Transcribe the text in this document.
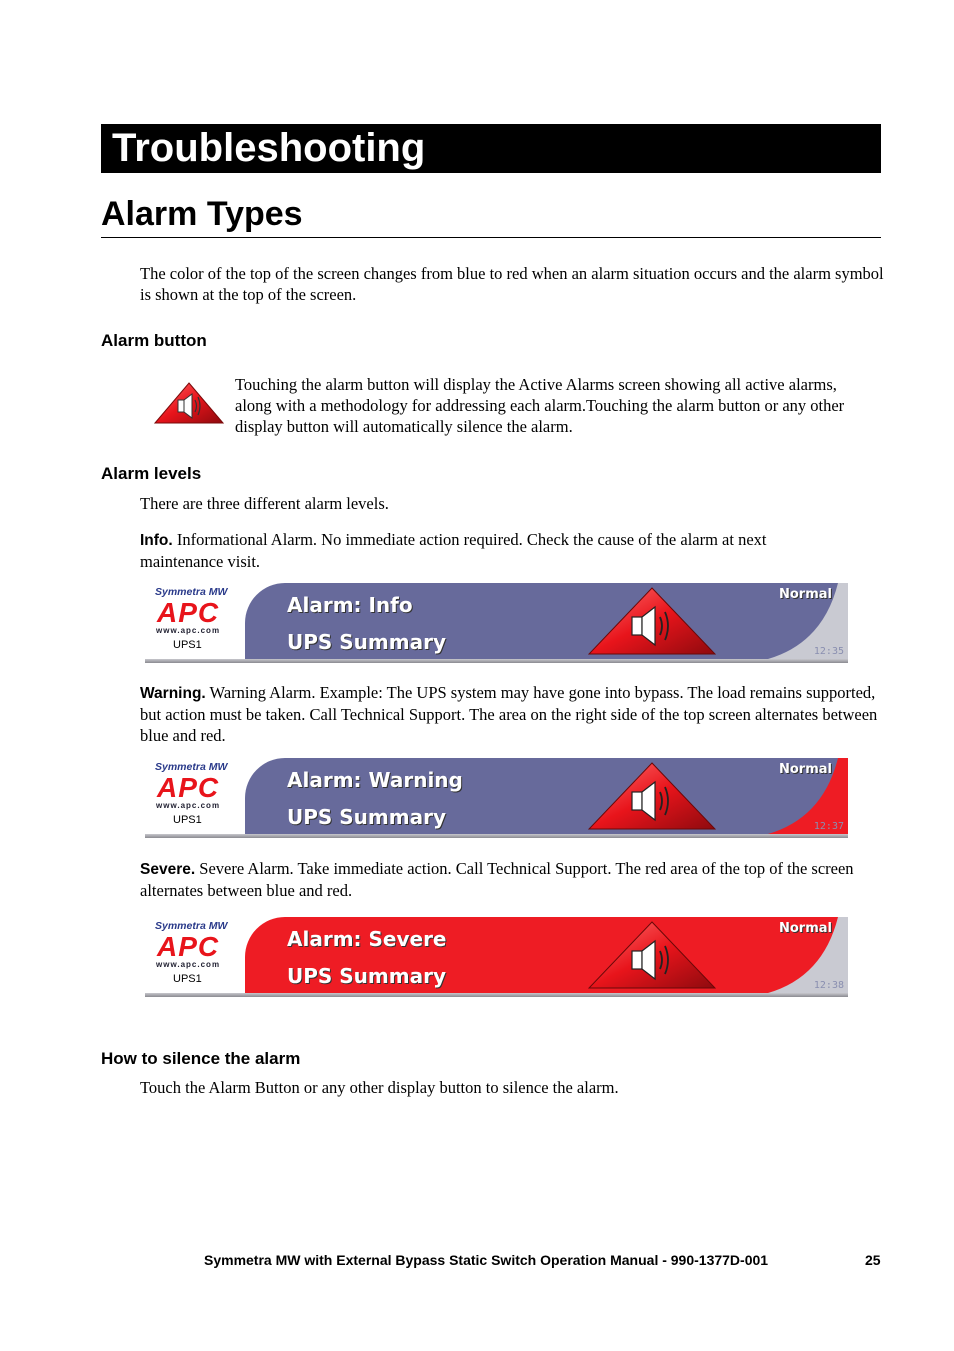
Troubleshooting
Alarm Types

The color of the top of the screen changes from blue to red when an alarm situation occurs and the alarm symbol is shown at the top of the screen.

Alarm button

Touching the alarm button will display the Active Alarms screen showing all active alarms, along with a methodology for addressing each alarm.Touching the alarm button or any other display button will automatically silence the alarm.

Alarm levels

There are three different alarm levels.

Info. Informational Alarm. No immediate action required. Check the cause of the alarm at next maintenance visit.

Symmetra MW
APC
www.apc.com
UPS1
Alarm: Info
UPS Summary
Normal
12:35

Warning. Warning Alarm. Example: The UPS system may have gone into bypass. The load remains supported, but action must be taken. Call Technical Support. The area on the right side of the top screen alternates between blue and red.

Symmetra MW
APC
www.apc.com
UPS1
Alarm: Warning
UPS Summary
Normal
12:37

Severe. Severe Alarm. Take immediate action. Call Technical Support. The red area of the top of the screen alternates between blue and red.

Symmetra MW
APC
www.apc.com
UPS1
Alarm: Severe
UPS Summary
Normal
12:38
How to silence the alarm

Touch the Alarm Button or any other display button to silence the alarm.

Symmetra MW with External Bypass Static Switch Operation Manual - 990-1377D-001	25
